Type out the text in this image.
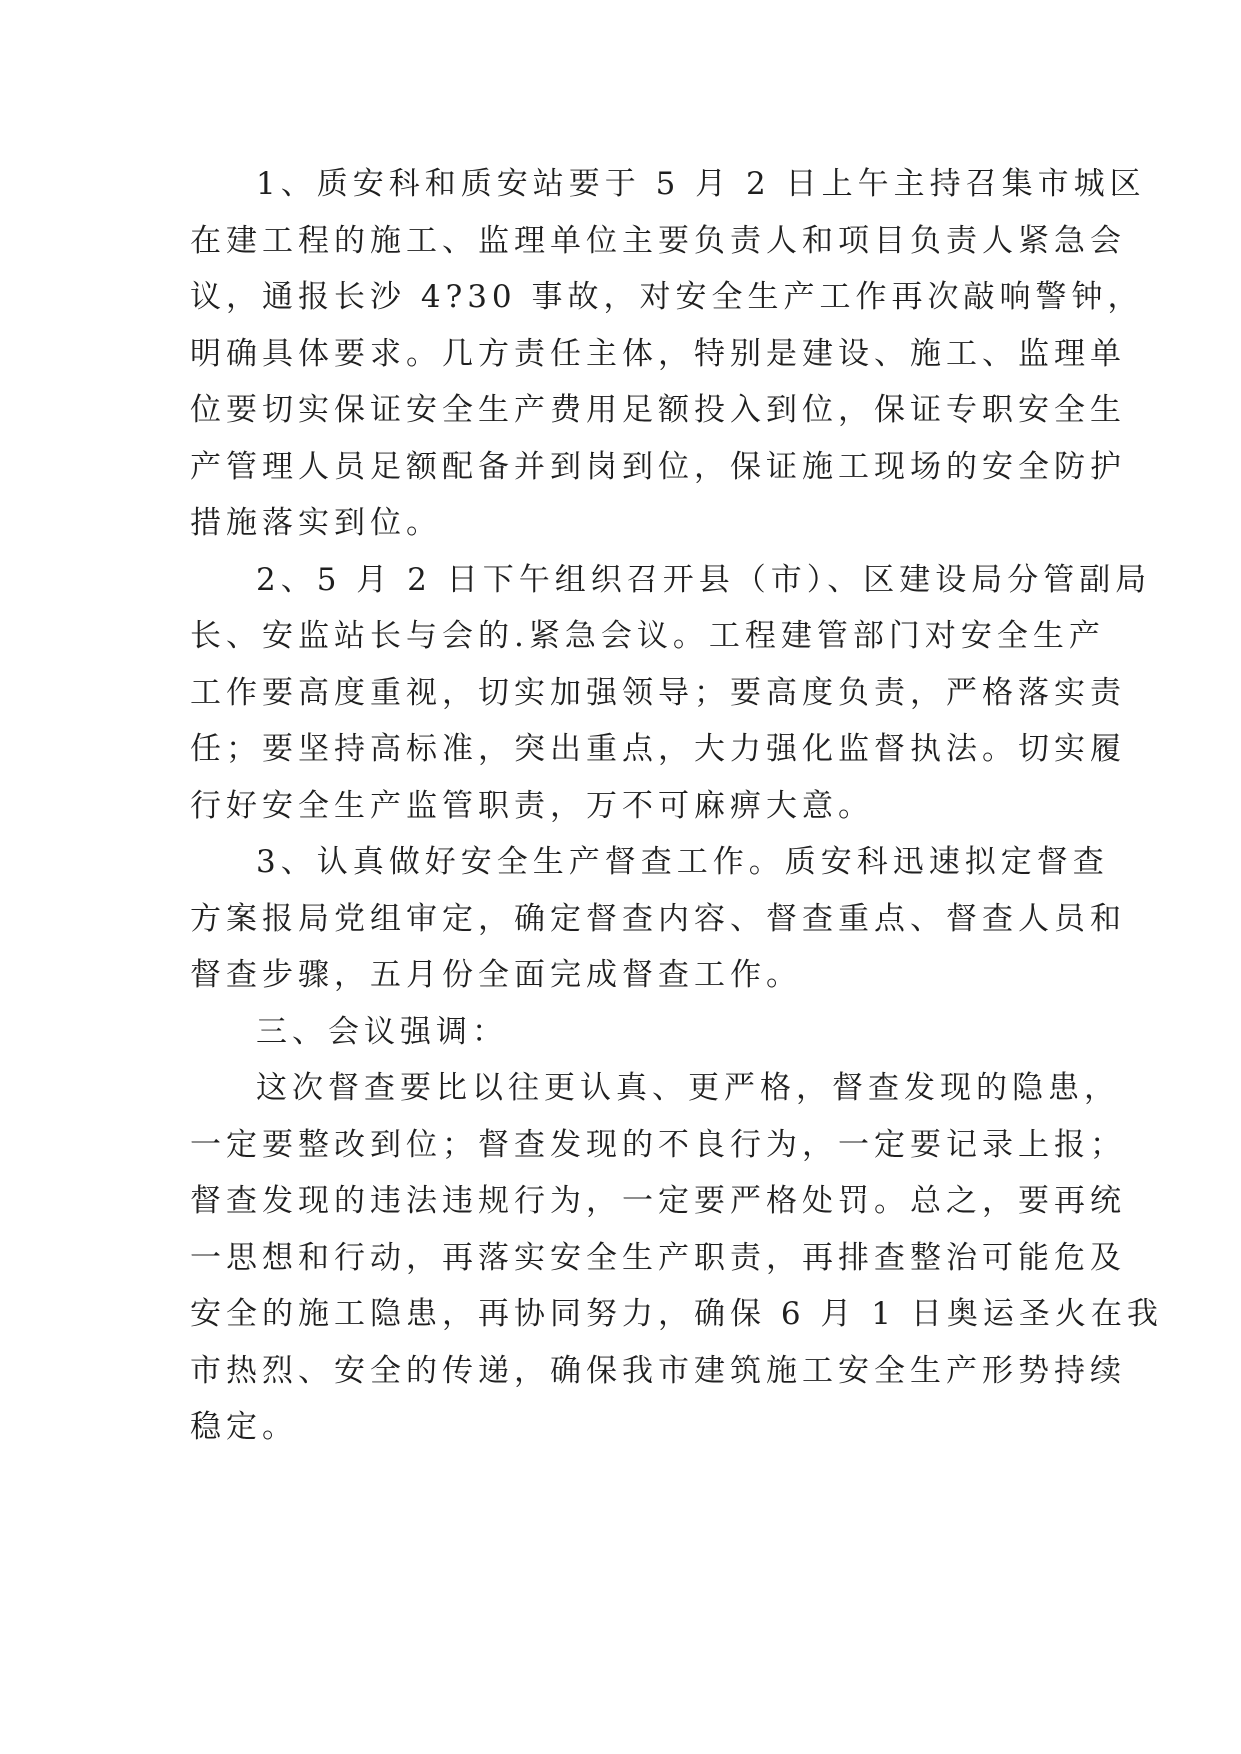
1、质安科和质安站要于 5 月 2 日上午主持召集市城区
在建工程的施工、监理单位主要负责人和项目负责人紧急会
议，通报长沙 4?30 事故，对安全生产工作再次敲响警钟，
明确具体要求。几方责任主体，特别是建设、施工、监理单
位要切实保证安全生产费用足额投入到位，保证专职安全生
产管理人员足额配备并到岗到位，保证施工现场的安全防护
措施落实到位。
2、5 月 2 日下午组织召开县（市）、区建设局分管副局
长、安监站长与会的.紧急会议。工程建管部门对安全生产
工作要高度重视，切实加强领导；要高度负责，严格落实责
任；要坚持高标准，突出重点，大力强化监督执法。切实履
行好安全生产监管职责，万不可麻痹大意。
3、认真做好安全生产督查工作。质安科迅速拟定督查
方案报局党组审定，确定督查内容、督查重点、督查人员和
督查步骤，五月份全面完成督查工作。
三、会议强调：
这次督查要比以往更认真、更严格，督查发现的隐患，
一定要整改到位；督查发现的不良行为，一定要记录上报；
督查发现的违法违规行为，一定要严格处罚。总之，要再统
一思想和行动，再落实安全生产职责，再排查整治可能危及
安全的施工隐患，再协同努力，确保 6 月 1 日奥运圣火在我
市热烈、安全的传递，确保我市建筑施工安全生产形势持续
稳定。
